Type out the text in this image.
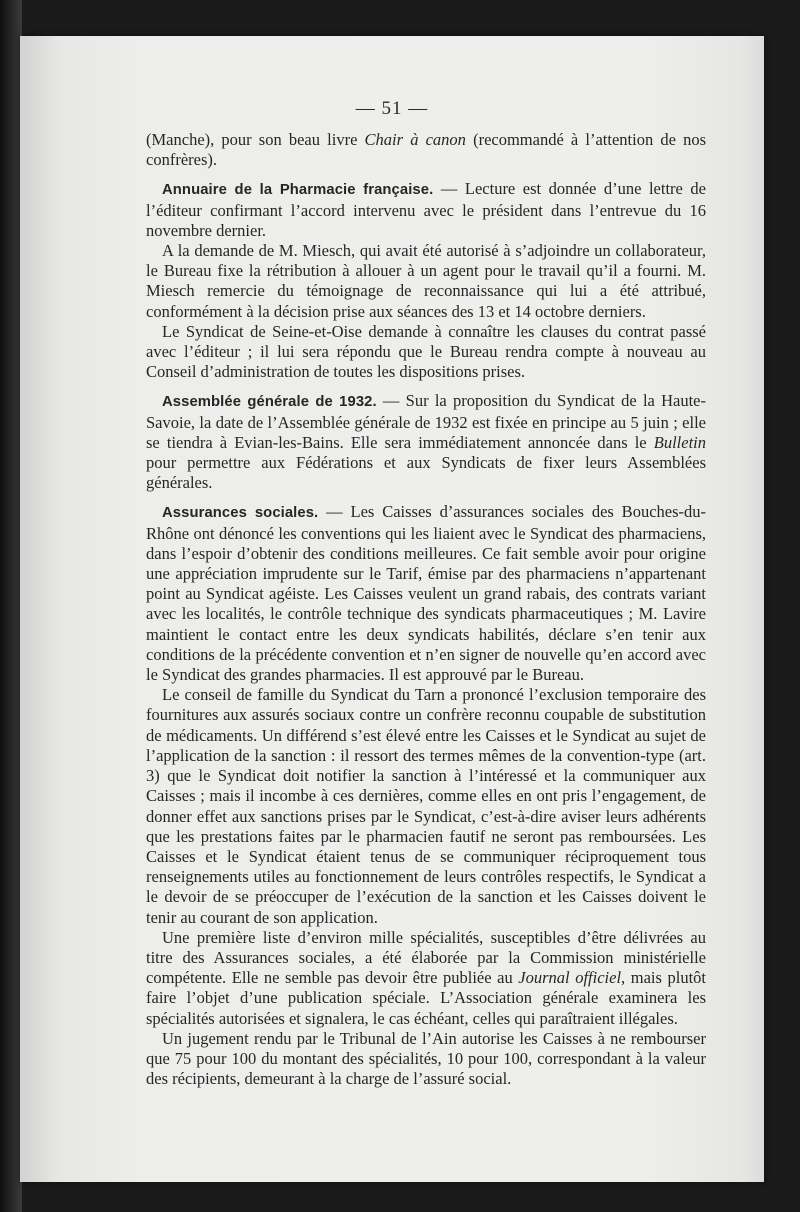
— 51 —

(Manche), pour son beau livre Chair à canon (recommandé à l’attention de nos confrères).

Annuaire de la Pharmacie française. — Lecture est donnée d’une lettre de l’éditeur confirmant l’accord intervenu avec le président dans l’entrevue du 16 novembre dernier.

A la demande de M. Miesch, qui avait été autorisé à s’adjoindre un collaborateur, le Bureau fixe la rétribution à allouer à un agent pour le travail qu’il a fourni. M. Miesch remercie du témoignage de reconnaissance qui lui a été attribué, conformément à la décision prise aux séances des 13 et 14 octobre derniers.

Le Syndicat de Seine-et-Oise demande à connaître les clauses du contrat passé avec l’éditeur ; il lui sera répondu que le Bureau rendra compte à nouveau au Conseil d’administration de toutes les dispositions prises.

Assemblée générale de 1932. — Sur la proposition du Syndicat de la Haute-Savoie, la date de l’Assemblée générale de 1932 est fixée en principe au 5 juin ; elle se tiendra à Evian-les-Bains. Elle sera immédiatement annoncée dans le Bulletin pour permettre aux Fédérations et aux Syndicats de fixer leurs Assemblées générales.

Assurances sociales. — Les Caisses d’assurances sociales des Bouches-du-Rhône ont dénoncé les conventions qui les liaient avec le Syndicat des pharmaciens, dans l’espoir d’obtenir des conditions meilleures. Ce fait semble avoir pour origine une appréciation imprudente sur le Tarif, émise par des pharmaciens n’appartenant point au Syndicat agéiste. Les Caisses veulent un grand rabais, des contrats variant avec les localités, le contrôle technique des syndicats pharmaceutiques ; M. Lavire maintient le contact entre les deux syndicats habilités, déclare s’en tenir aux conditions de la précédente convention et n’en signer de nouvelle qu’en accord avec le Syndicat des grandes pharmacies. Il est approuvé par le Bureau.

Le conseil de famille du Syndicat du Tarn a prononcé l’exclusion temporaire des fournitures aux assurés sociaux contre un confrère reconnu coupable de substitution de médicaments. Un différend s’est élevé entre les Caisses et le Syndicat au sujet de l’application de la sanction : il ressort des termes mêmes de la convention-type (art. 3) que le Syndicat doit notifier la sanction à l’intéressé et la communiquer aux Caisses ; mais il incombe à ces dernières, comme elles en ont pris l’engagement, de donner effet aux sanctions prises par le Syndicat, c’est-à-dire aviser leurs adhérents que les prestations faites par le pharmacien fautif ne seront pas remboursées. Les Caisses et le Syndicat étaient tenus de se communiquer réciproquement tous renseignements utiles au fonctionnement de leurs contrôles respectifs, le Syndicat a le devoir de se préoccuper de l’exécution de la sanction et les Caisses doivent le tenir au courant de son application.

Une première liste d’environ mille spécialités, susceptibles d’être délivrées au titre des Assurances sociales, a été élaborée par la Commission ministérielle compétente. Elle ne semble pas devoir être publiée au Journal officiel, mais plutôt faire l’objet d’une publication spéciale. L’Association générale examinera les spécialités autorisées et signalera, le cas échéant, celles qui paraîtraient illégales.

Un jugement rendu par le Tribunal de l’Ain autorise les Caisses à ne rembourser que 75 pour 100 du montant des spécialités, 10 pour 100, correspondant à la valeur des récipients, demeurant à la charge de l’assuré social.
